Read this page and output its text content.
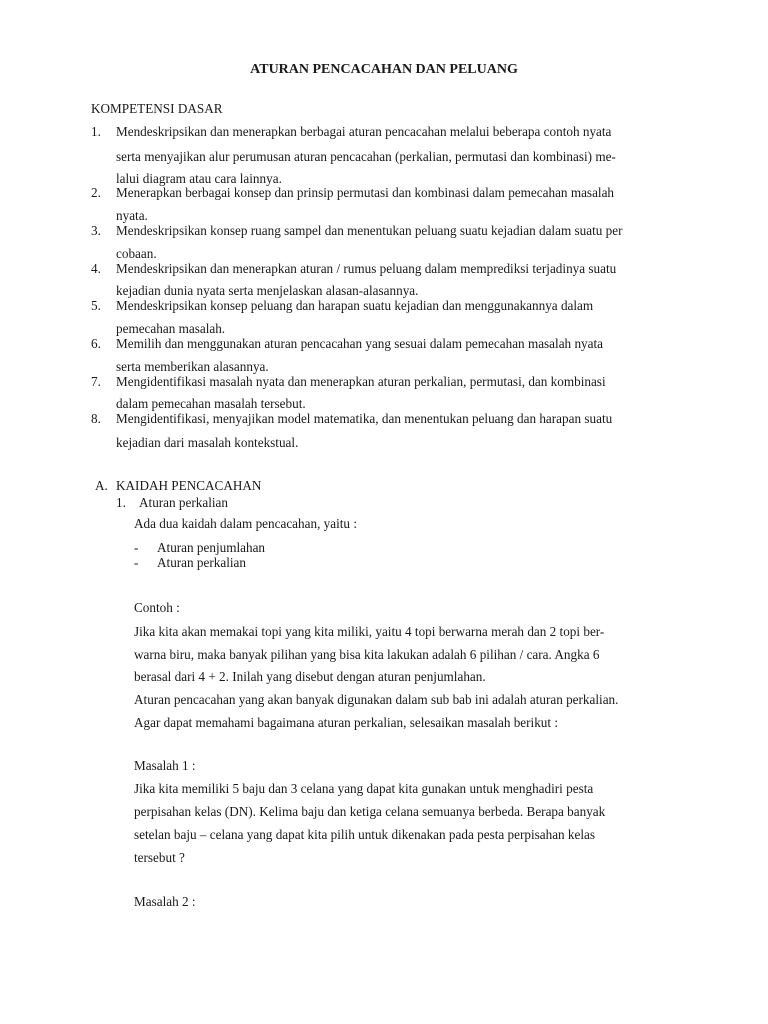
ATURAN PENCACAHAN DAN PELUANG
KOMPETENSI DASAR
1. Mendeskripsikan dan menerapkan berbagai aturan pencacahan melalui beberapa contoh nyata
serta menyajikan alur perumusan aturan pencacahan (perkalian, permutasi dan kombinasi) me-
lalui diagram atau cara lainnya.
2. Menerapkan berbagai konsep dan prinsip permutasi dan kombinasi dalam pemecahan masalah
nyata.
3. Mendeskripsikan konsep ruang sampel dan menentukan peluang suatu kejadian dalam suatu per
cobaan.
4. Mendeskripsikan dan menerapkan aturan / rumus peluang dalam memprediksi terjadinya suatu
kejadian dunia nyata serta menjelaskan alasan-alasannya.
5. Mendeskripsikan konsep peluang dan harapan suatu kejadian dan menggunakannya dalam
pemecahan masalah.
6. Memilih dan menggunakan aturan pencacahan yang sesuai dalam pemecahan masalah nyata
serta memberikan alasannya.
7. Mengidentifikasi masalah nyata dan menerapkan aturan perkalian, permutasi, dan kombinasi
dalam pemecahan masalah tersebut.
8. Mengidentifikasi, menyajikan model matematika, dan menentukan peluang dan harapan suatu
kejadian dari masalah kontekstual.
A. KAIDAH PENCACAHAN
1. Aturan perkalian
Ada dua kaidah dalam pencacahan, yaitu :
- Aturan penjumlahan
- Aturan perkalian
Contoh :
Jika kita akan memakai topi yang kita miliki, yaitu 4 topi berwarna merah dan 2 topi ber-
warna biru, maka banyak pilihan yang bisa kita lakukan adalah 6 pilihan / cara. Angka 6
berasal dari 4 + 2. Inilah yang disebut dengan aturan penjumlahan.
Aturan pencacahan yang akan banyak digunakan dalam sub bab ini adalah aturan perkalian.
Agar dapat memahami bagaimana aturan perkalian, selesaikan masalah berikut :
Masalah 1 :
Jika kita memiliki 5 baju dan 3 celana yang dapat kita gunakan untuk menghadiri pesta
perpisahan kelas (DN). Kelima baju dan ketiga celana semuanya berbeda. Berapa banyak
setelan baju – celana yang dapat kita pilih untuk dikenakan pada pesta perpisahan kelas
tersebut ?
Masalah 2 :
